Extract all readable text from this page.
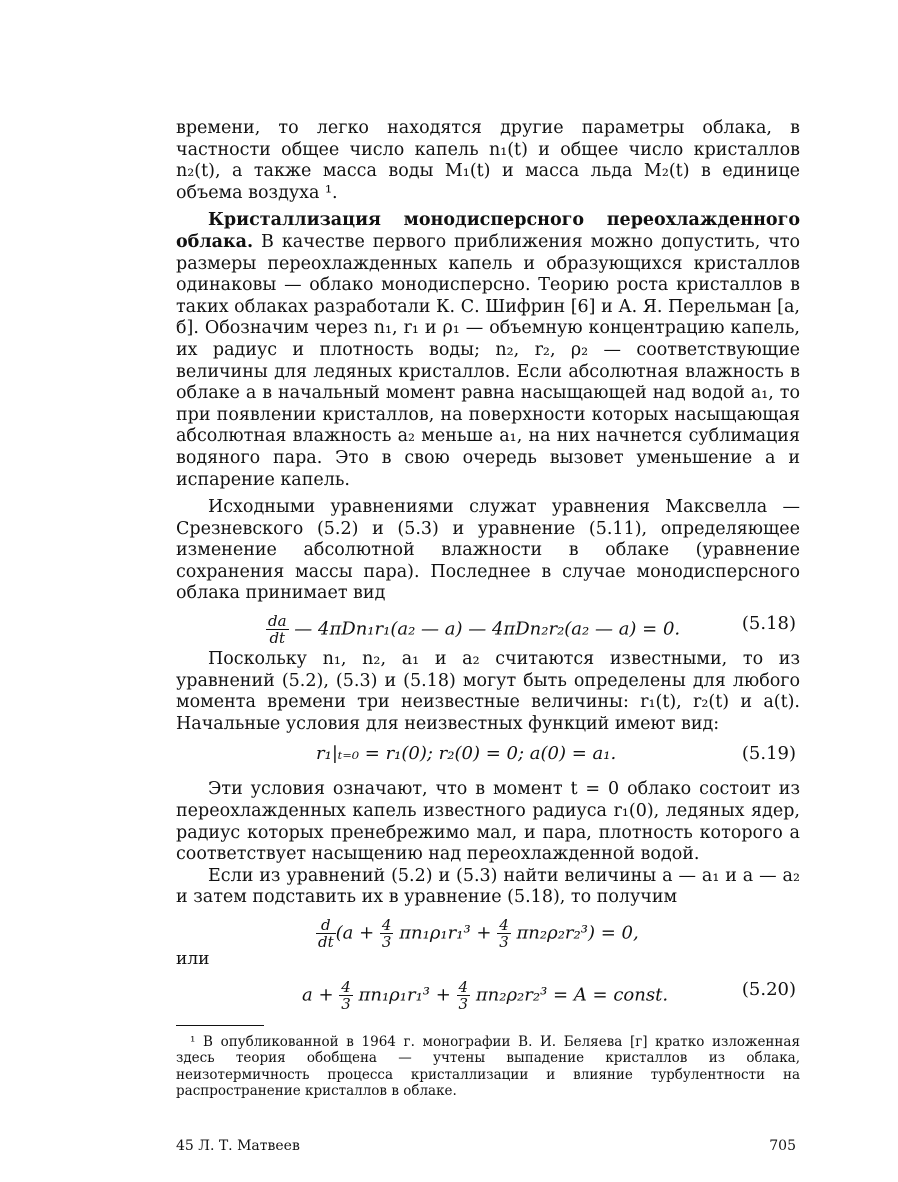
времени, то легко находятся другие параметры облака, в частности общее число капель n₁(t) и общее число кристаллов n₂(t), а также масса воды M₁(t) и масса льда M₂(t) в единице объема воздуха ¹.

Кристаллизация монодисперсного переохлажденного облака. В качестве первого приближения можно допустить, что размеры переохлажденных капель и образующихся кристаллов одинаковы — облако монодисперсно. Теорию роста кристаллов в таких облаках разработали К. С. Шифрин [6] и А. Я. Перельман [а, б]. Обозначим через n₁, r₁ и ρ₁ — объемную концентрацию капель, их радиус и плотность воды; n₂, r₂, ρ₂ — соответствующие величины для ледяных кристаллов. Если абсолютная влажность в облаке a в начальный момент равна насыщающей над водой a₁, то при появлении кристаллов, на поверхности которых насыщающая абсолютная влажность a₂ меньше a₁, на них начнется сублимация водяного пара. Это в свою очередь вызовет уменьшение a и испарение капель.

Исходными уравнениями служат уравнения Максвелла — Срезневского (5.2) и (5.3) и уравнение (5.11), определяющее изменение абсолютной влажности в облаке (уравнение сохранения массы пара). Последнее в случае монодисперсного облака принимает вид

$\frac{da}{dt}$ — 4πDn₁r₁(a₂ — a) — 4πDn₂r₂(a₂ — a) = 0.	(5.18)

Поскольку n₁, n₂, a₁ и a₂ считаются известными, то из уравнений (5.2), (5.3) и (5.18) могут быть определены для любого момента времени три неизвестные величины: r₁(t), r₂(t) и a(t). Начальные условия для неизвестных функций имеют вид:

r₁|ₜ₌₀ = r₁(0); r₂(0) = 0; a(0) = a₁.	(5.19)

Эти условия означают, что в момент t = 0 облако состоит из переохлажденных капель известного радиуса r₁(0), ледяных ядер, радиус которых пренебрежимо мал, и пара, плотность которого a соответствует насыщению над переохлажденной водой.

Если из уравнений (5.2) и (5.3) найти величины a — a₁ и a — a₂ и затем подставить их в уравнение (5.18), то получим

$\frac{d}{dt} (a + \frac{4}{3} \pi n_1\rho_1r_1^3 + \frac{4}{3} \pi n_2\rho_2r_2^3) = 0$,

или

$a + \frac{4}{3} \pi n_1\rho_1r_1^3 + \frac{4}{3} \pi n_2\rho_2r_2^3 = A$ = const.	(5.20)

¹ В опубликованной в 1964 г. монографии В. И. Беляева [г] кратко изложенная здесь теория обобщена — учтены выпадение кристаллов из облака, неизотермичность процесса кристаллизации и влияние турбулентности на распространение кристаллов в облаке.

45 Л. Т. Матвеев	705
